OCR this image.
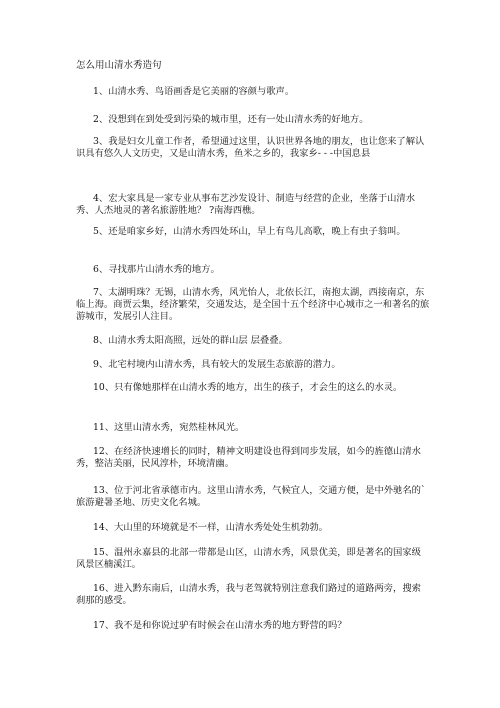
怎么用山清水秀造句

1、山清水秀、鸟语画香是它美丽的容颜与歌声。

2、没想到在到处受到污染的城市里，还有一处山清水秀的好地方。

3、我是妇女儿童工作者，希望通过这里，认识世界各地的朋友，也让您来了解认识具有悠久人文历史，又是山清水秀，鱼米之乡的，我家乡- - -中国息县

4、宏大家具是一家专业从事布艺沙发设计、制造与经营的企业，坐落于山清水秀、人杰地灵的著名旅游胜地？ ?南海西樵。

5、还是咱家乡好，山清水秀四处环山，早上有鸟儿高歌，晚上有虫子翁叫。

6、寻找那片山清水秀的地方。

7、太湖明珠？无锡，山清水秀，风光怡人，北依长江，南抱太湖，西接南京，东临上海。商贾云集，经济繁荣，交通发达，是全国十五个经济中心城市之一和著名的旅游城市，发展引人注目。

8、山清水秀太阳高照，远处的群山层 层叠叠。

9、北宅村境内山清水秀，具有较大的发展生态旅游的潜力。

10、只有像她那样在山清水秀的地方，出生的孩子，才会生的这么的水灵。

11、这里山清水秀，宛然桂林风光。

12、在经济快速增长的同时，精神文明建设也得到同步发展，如今的旌德山清水秀，整洁美丽，民风淳朴，环境清幽。

13、位于河北省承德市内。这里山清水秀，气候宜人，交通方便，是中外驰名的`旅游避暑圣地、历史文化名城。

14、大山里的环境就是不一样，山清水秀处处生机勃勃。

15、温州永嘉县的北部一带都是山区，山清水秀，风景优美，即是著名的国家级风景区楠溪江。

16、进入黔东南后，山清水秀，我与老驾就特别注意我们路过的道路两旁，搜索刹那的感受。

17、我不是和你说过驴有时候会在山清水秀的地方野营的吗？
